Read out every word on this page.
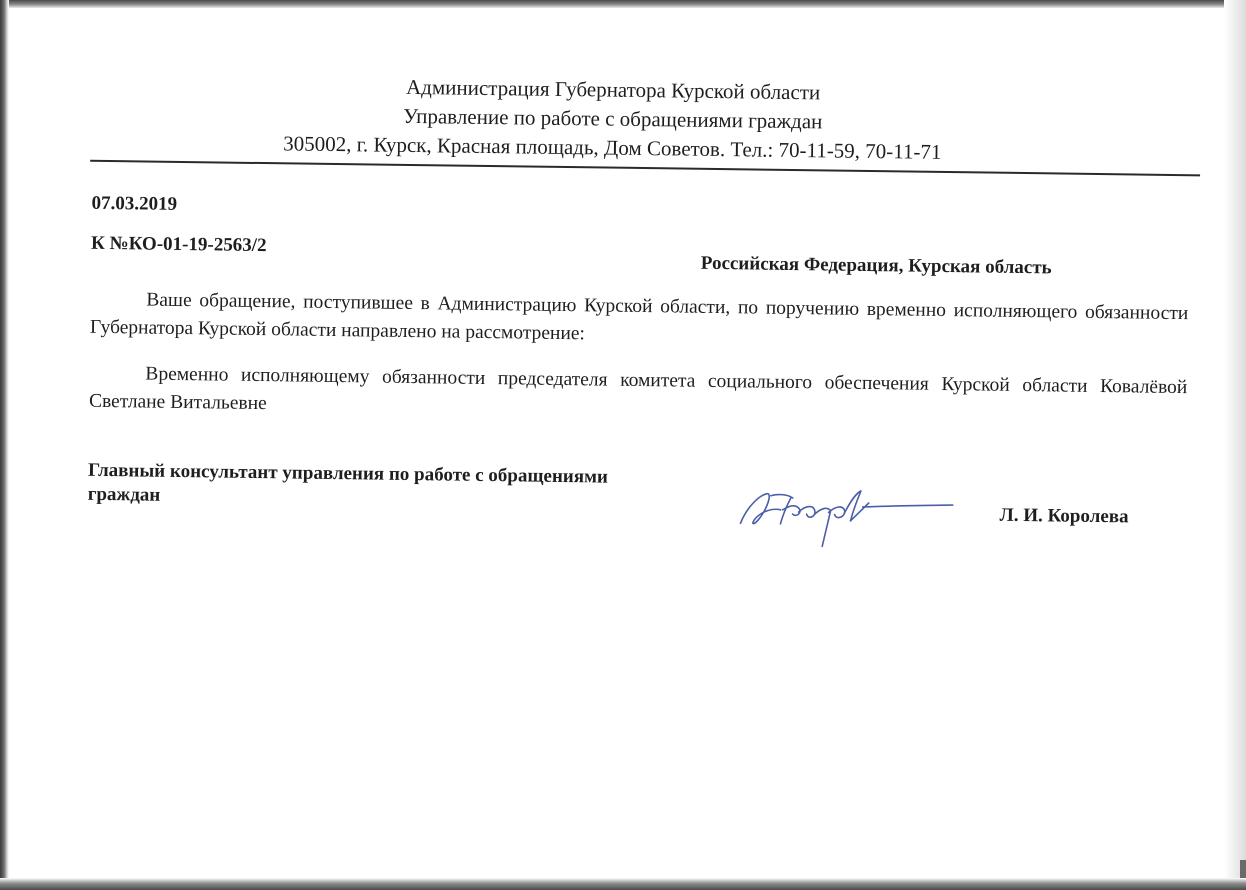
Администрация Губернатора Курской области
Управление по работе с обращениями граждан
305002, г. Курск, Красная площадь, Дом Советов. Тел.: 70-11-59, 70-11-71
07.03.2019
К №КО-01-19-2563/2
Российская Федерация, Курская область
Ваше обращение, поступившее в Администрацию Курской области, по поручению временно исполняющего обязанности Губернатора Курской области направлено на рассмотрение:
Временно исполняющему обязанности председателя комитета социального обеспечения Курской области Ковалёвой Светлане Витальевне
Главный консультант управления по работе с обращениями граждан
Л. И. Королева
